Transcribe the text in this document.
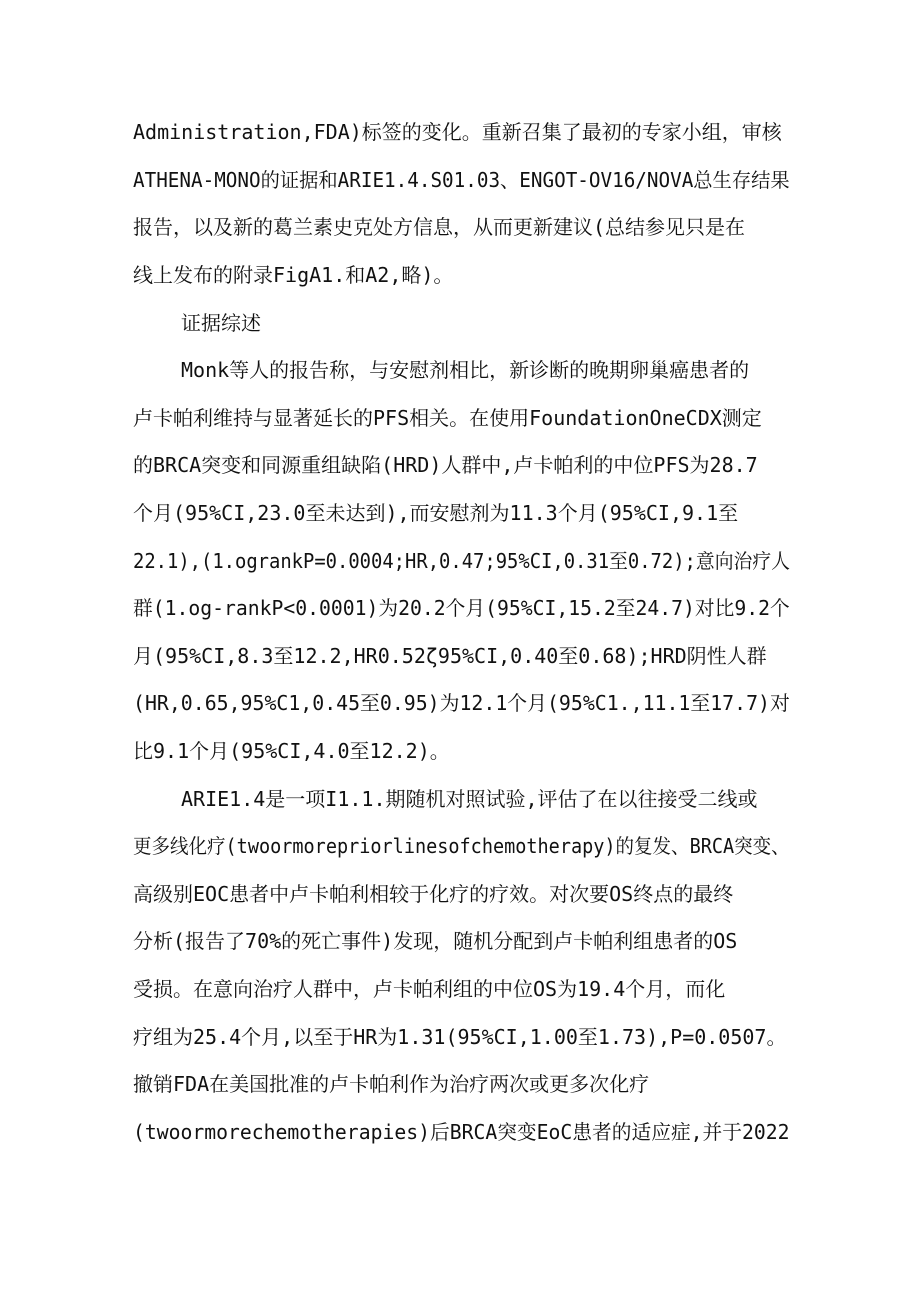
Administration,FDA)标签的变化。重新召集了最初的专家小组，审核
ATHENA-MONO的证据和ARIE1.4.S01.03、ENGOT-OV16/NOVA总生存结果
报告，以及新的葛兰素史克处方信息，从而更新建议(总结参见只是在
线上发布的附录FigA1.和A2,略)。
证据综述
Monk等人的报告称，与安慰剂相比，新诊断的晚期卵巢癌患者的
卢卡帕利维持与显著延长的PFS相关。在使用FoundationOneCDX测定
的BRCA突变和同源重组缺陷(HRD)人群中,卢卡帕利的中位PFS为28.7
个月(95%CI,23.0至未达到),而安慰剂为11.3个月(95%CI,9.1至
22.1),(1.ogrankP=0.0004;HR,0.47;95%CI,0.31至0.72);意向治疗人
群(1.og-rankP<0.0001)为20.2个月(95%CI,15.2至24.7)对比9.2个
月(95%CI,8.3至12.2,HR0.52ζ95%CI,0.40至0.68);HRD阴性人群
(HR,0.65,95%C1,0.45至0.95)为12.1个月(95%C1.,11.1至17.7)对
比9.1个月(95%CI,4.0至12.2)。
ARIE1.4是一项I1.1.期随机对照试验,评估了在以往接受二线或
更多线化疗(twoormorepriorlinesofchemotherapy)的复发、BRCA突变、
高级别EOC患者中卢卡帕利相较于化疗的疗效。对次要OS终点的最终
分析(报告了70%的死亡事件)发现，随机分配到卢卡帕利组患者的OS
受损。在意向治疗人群中，卢卡帕利组的中位OS为19.4个月，而化
疗组为25.4个月,以至于HR为1.31(95%CI,1.00至1.73),P=0.0507。
撤销FDA在美国批准的卢卡帕利作为治疗两次或更多次化疗
(twoormorechemotherapies)后BRCA突变EoC患者的适应症,并于2022
